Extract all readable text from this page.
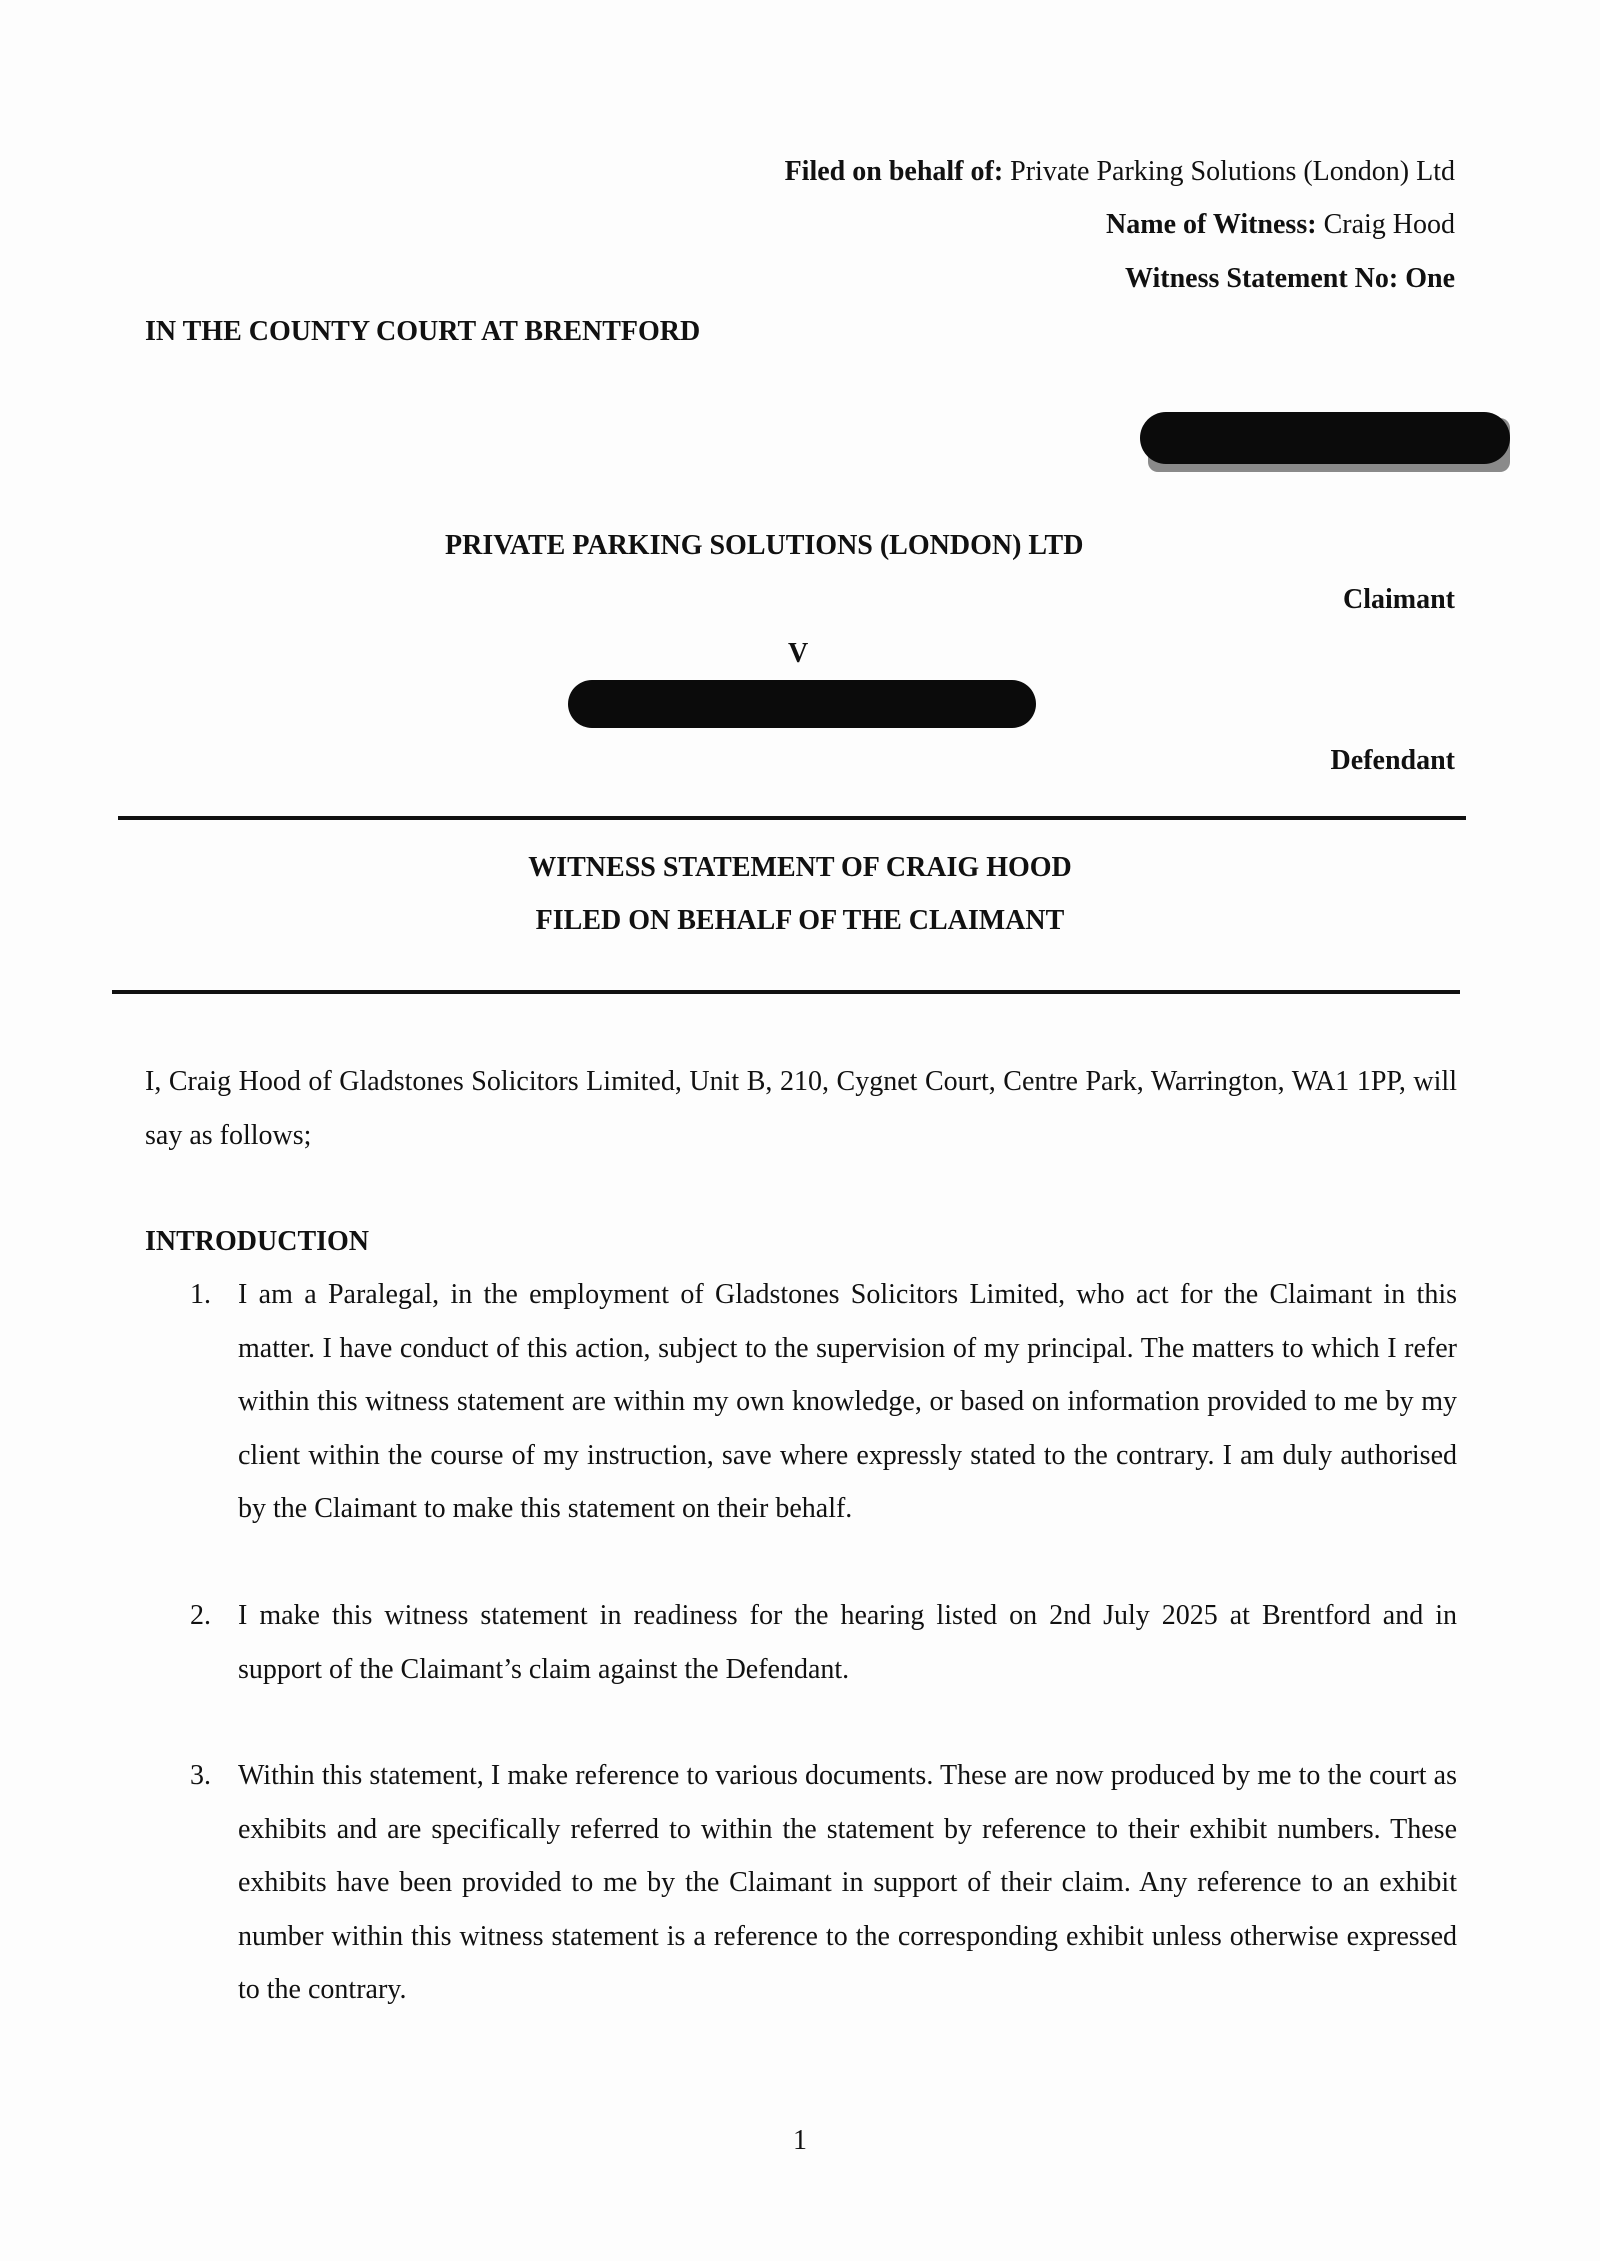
Filed on behalf of: Private Parking Solutions (London) Ltd
Name of Witness: Craig Hood
Witness Statement No: One
IN THE COUNTY COURT AT BRENTFORD
PRIVATE PARKING SOLUTIONS (LONDON) LTD
Claimant
V
Defendant
WITNESS STATEMENT OF CRAIG HOOD
FILED ON BEHALF OF THE CLAIMANT
I, Craig Hood of Gladstones Solicitors Limited, Unit B, 210, Cygnet Court, Centre Park, Warrington, WA1 1PP, will say as follows;
INTRODUCTION
1. I am a Paralegal, in the employment of Gladstones Solicitors Limited, who act for the Claimant in this matter. I have conduct of this action, subject to the supervision of my principal. The matters to which I refer within this witness statement are within my own knowledge, or based on information provided to me by my client within the course of my instruction, save where expressly stated to the contrary. I am duly authorised by the Claimant to make this statement on their behalf.
2. I make this witness statement in readiness for the hearing listed on 2nd July 2025 at Brentford and in support of the Claimant’s claim against the Defendant.
3. Within this statement, I make reference to various documents. These are now produced by me to the court as exhibits and are specifically referred to within the statement by reference to their exhibit numbers. These exhibits have been provided to me by the Claimant in support of their claim. Any reference to an exhibit number within this witness statement is a reference to the corresponding exhibit unless otherwise expressed to the contrary.
1
